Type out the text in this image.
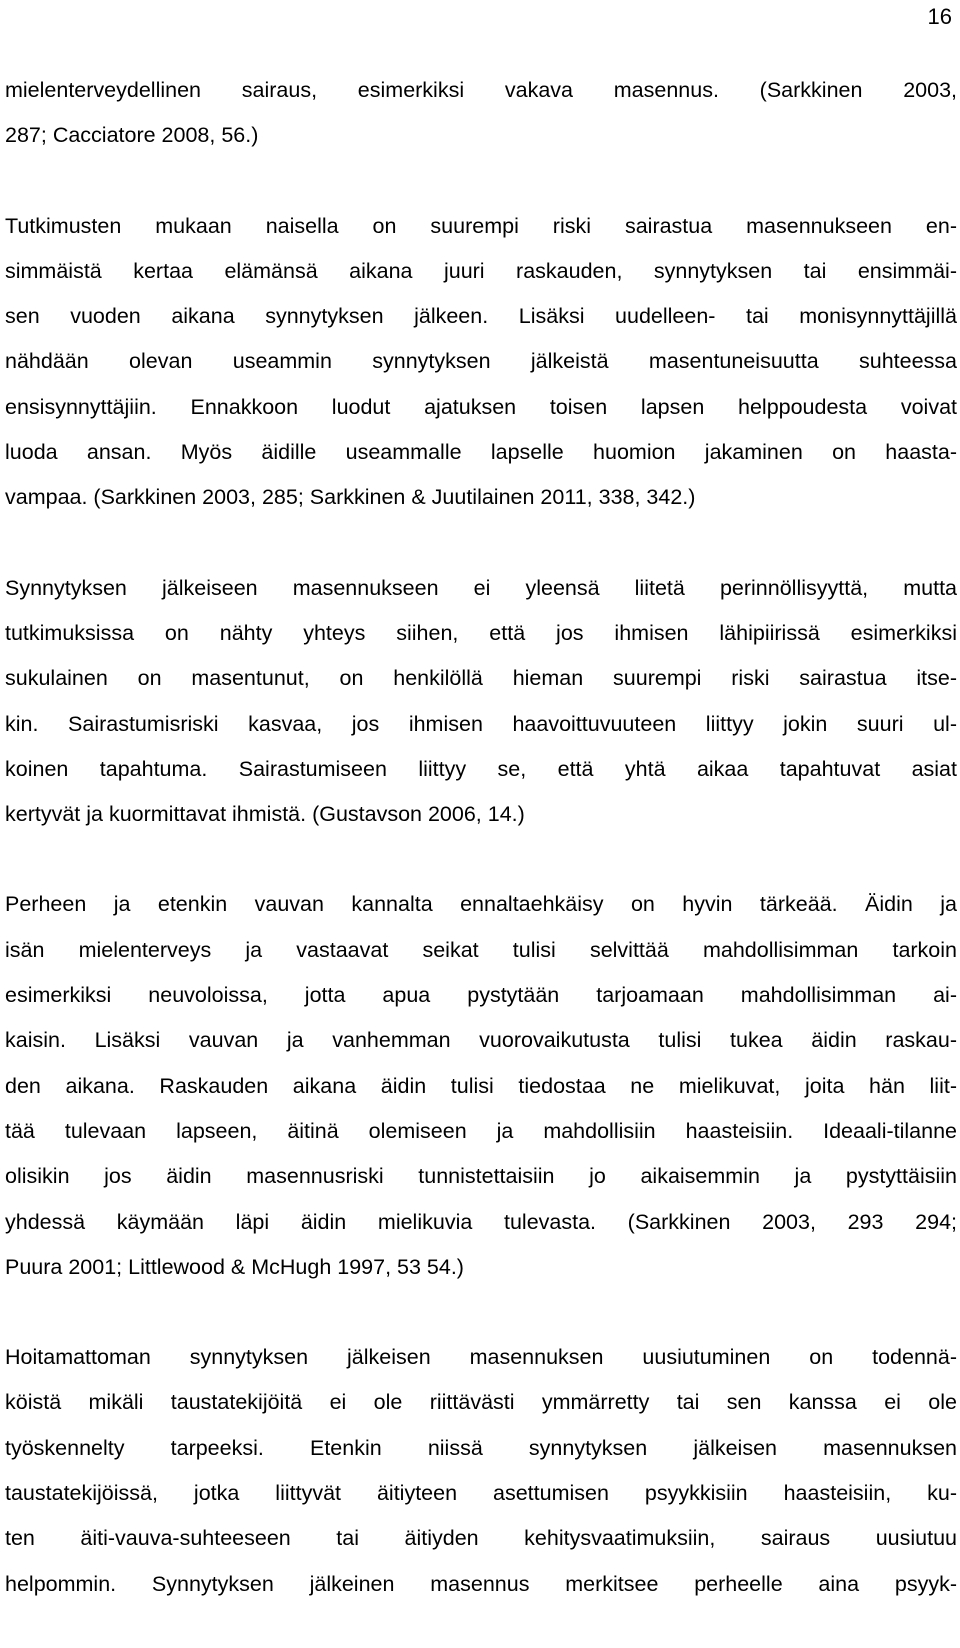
16

mielenterveydellinen sairaus, esimerkiksi vakava masennus. (Sarkkinen 2003,
287; Cacciatore 2008, 56.)

Tutkimusten mukaan naisella on suurempi riski sairastua masennukseen en-
simmäistä kertaa elämänsä aikana juuri raskauden, synnytyksen tai ensimmäi-
sen vuoden aikana synnytyksen jälkeen. Lisäksi uudelleen- tai monisynnyttäjillä
nähdään olevan useammin synnytyksen jälkeistä masentuneisuutta suhteessa
ensisynnyttäjiin. Ennakkoon luodut ajatuksen toisen lapsen helppoudesta voivat
luoda ansan. Myös äidille useammalle lapselle huomion jakaminen on haasta-
vampaa. (Sarkkinen 2003, 285; Sarkkinen & Juutilainen 2011, 338, 342.)

Synnytyksen jälkeiseen masennukseen ei yleensä liitetä perinnöllisyyttä, mutta
tutkimuksissa on nähty yhteys siihen, että jos ihmisen lähipiirissä esimerkiksi
sukulainen on masentunut, on henkilöllä hieman suurempi riski sairastua itse-
kin. Sairastumisriski kasvaa, jos ihmisen haavoittuvuuteen liittyy jokin suuri ul-
koinen tapahtuma. Sairastumiseen liittyy se, että yhtä aikaa tapahtuvat asiat
kertyvät ja kuormittavat ihmistä. (Gustavson 2006, 14.)

Perheen ja etenkin vauvan kannalta ennaltaehkäisy on hyvin tärkeää. Äidin ja
isän mielenterveys ja vastaavat seikat tulisi selvittää mahdollisimman tarkoin
esimerkiksi neuvoloissa, jotta apua pystytään tarjoamaan mahdollisimman ai-
kaisin. Lisäksi vauvan ja vanhemman vuorovaikutusta tulisi tukea äidin raskau-
den aikana. Raskauden aikana äidin tulisi tiedostaa ne mielikuvat, joita hän liit-
tää tulevaan lapseen, äitinä olemiseen ja mahdollisiin haasteisiin. Ideaali-tilanne
olisikin jos äidin masennusriski tunnistettaisiin jo aikaisemmin ja pystyttäisiin
yhdessä käymään läpi äidin mielikuvia tulevasta. (Sarkkinen 2003, 293 294;
Puura 2001; Littlewood & McHugh 1997, 53 54.)

Hoitamattoman synnytyksen jälkeisen masennuksen uusiutuminen on todennä-
köistä mikäli taustatekijöitä ei ole riittävästi ymmärretty tai sen kanssa ei ole
työskennelty tarpeeksi. Etenkin niissä synnytyksen jälkeisen masennuksen
taustatekijöissä, jotka liittyvät äitiyteen asettumisen psyykkisiin haasteisiin, ku-
ten äiti-vauva-suhteeseen tai äitiyden kehitysvaatimuksiin, sairaus uusiutuu
helpommin. Synnytyksen jälkeinen masennus merkitsee perheelle aina psyyk-
